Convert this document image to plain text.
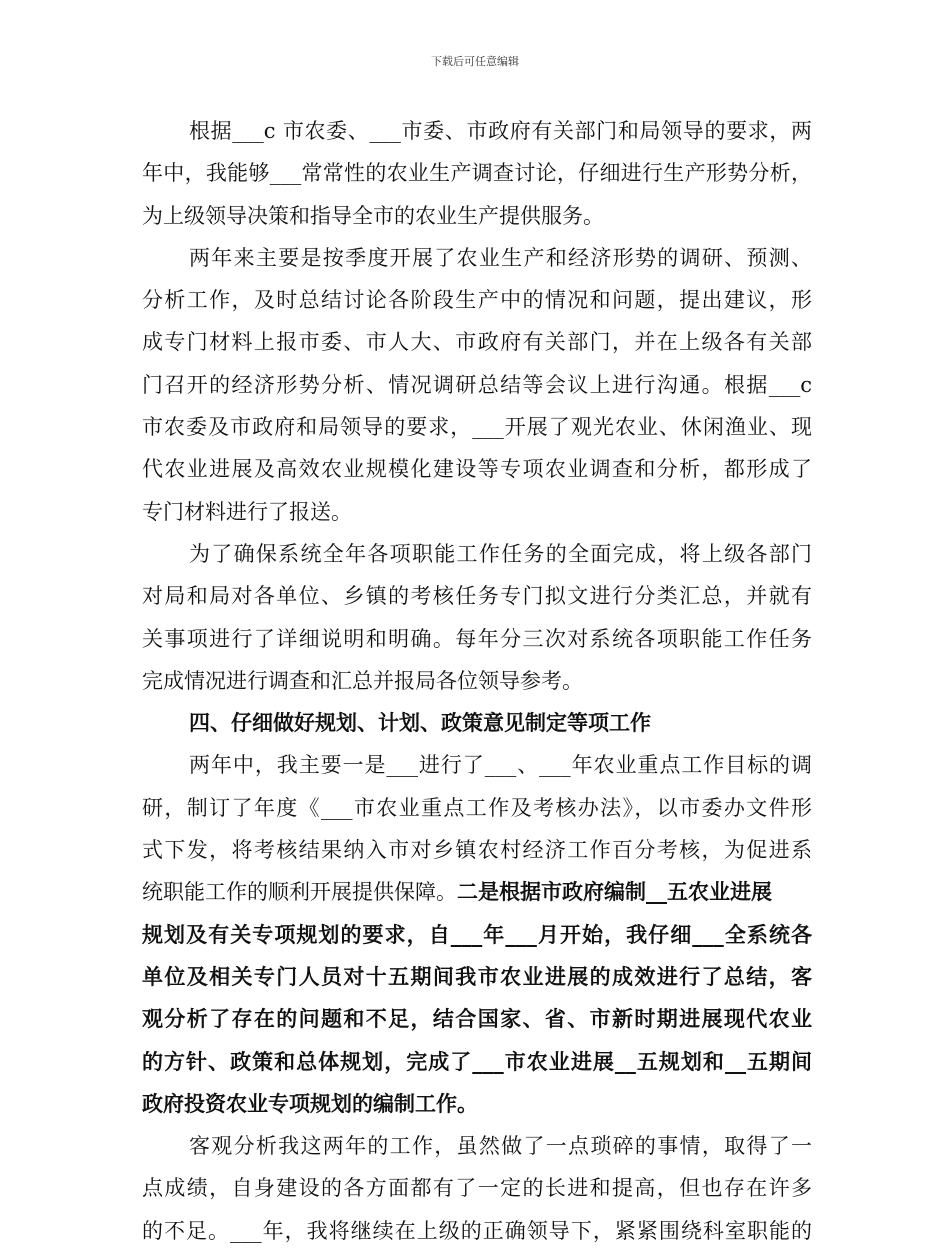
下载后可任意编辑
根据___c 市农委、___市委、市政府有关部门和局领导的要求，两
年中，我能够___常常性的农业生产调查讨论，仔细进行生产形势分析，
为上级领导决策和指导全市的农业生产提供服务。
两年来主要是按季度开展了农业生产和经济形势的调研、预测、
分析工作，及时总结讨论各阶段生产中的情况和问题，提出建议，形
成专门材料上报市委、市人大、市政府有关部门，并在上级各有关部
门召开的经济形势分析、情况调研总结等会议上进行沟通。根据___c
市农委及市政府和局领导的要求，___开展了观光农业、休闲渔业、现
代农业进展及高效农业规模化建设等专项农业调查和分析，都形成了
专门材料进行了报送。
为了确保系统全年各项职能工作任务的全面完成，将上级各部门
对局和局对各单位、乡镇的考核任务专门拟文进行分类汇总，并就有
关事项进行了详细说明和明确。每年分三次对系统各项职能工作任务
完成情况进行调查和汇总并报局各位领导参考。
四、仔细做好规划、计划、政策意见制定等项工作
两年中，我主要一是___进行了___、___年农业重点工作目标的调
研，制订了年度《___市农业重点工作及考核办法》，以市委办文件形
式下发，将考核结果纳入市对乡镇农村经济工作百分考核，为促进系
统职能工作的顺利开展提供保障。二是根据市政府编制__五农业进展
规划及有关专项规划的要求，自___年___月开始，我仔细___全系统各
单位及相关专门人员对十五期间我市农业进展的成效进行了总结，客
观分析了存在的问题和不足，结合国家、省、市新时期进展现代农业
的方针、政策和总体规划，完成了___市农业进展__五规划和__五期间
政府投资农业专项规划的编制工作。
客观分析我这两年的工作，虽然做了一点琐碎的事情，取得了一
点成绩，自身建设的各方面都有了一定的长进和提高，但也存在许多
的不足。___年，我将继续在上级的正确领导下，紧紧围绕科室职能的
